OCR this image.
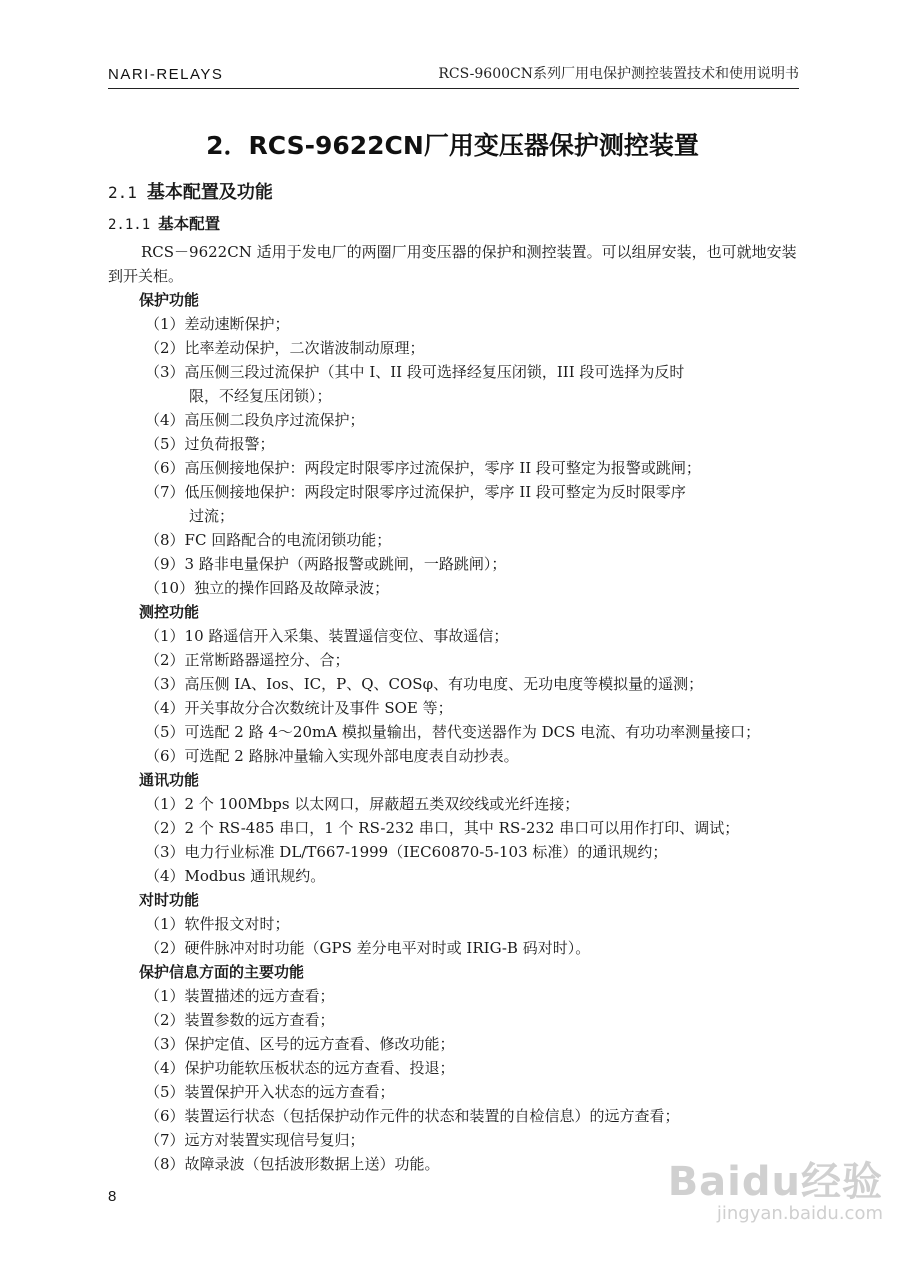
NARI-RELAYS	RCS-9600CN系列厂用电保护测控装置技术和使用说明书
2．RCS-9622CN厂用变压器保护测控装置
2.1 基本配置及功能
2.1.1 基本配置
RCS－9622CN 适用于发电厂的两圈厂用变压器的保护和测控装置。可以组屏安装，也可就地安装到开关柜。
保护功能
（1）差动速断保护；
（2）比率差动保护，二次谐波制动原理；
（3）高压侧三段过流保护（其中 I、II 段可选择经复压闭锁，III 段可选择为反时
限，不经复压闭锁）；
（4）高压侧二段负序过流保护；
（5）过负荷报警；
（6）高压侧接地保护：两段定时限零序过流保护，零序 II 段可整定为报警或跳闸；
（7）低压侧接地保护：两段定时限零序过流保护，零序 II 段可整定为反时限零序
过流；
（8）FC 回路配合的电流闭锁功能；
（9）3 路非电量保护（两路报警或跳闸，一路跳闸）；
（10）独立的操作回路及故障录波；
测控功能
（1）10 路遥信开入采集、装置遥信变位、事故遥信；
（2）正常断路器遥控分、合；
（3）高压侧 IA、Ios、IC，P、Q、COSφ、有功电度、无功电度等模拟量的遥测；
（4）开关事故分合次数统计及事件 SOE 等；
（5）可选配 2 路 4～20mA 模拟量输出，替代变送器作为 DCS 电流、有功功率测量接口；
（6）可选配 2 路脉冲量输入实现外部电度表自动抄表。
通讯功能
（1）2 个 100Mbps 以太网口，屏蔽超五类双绞线或光纤连接；
（2）2 个 RS-485 串口，1 个 RS-232 串口，其中 RS-232 串口可以用作打印、调试；
（3）电力行业标准 DL/T667-1999（IEC60870-5-103 标准）的通讯规约；
（4）Modbus 通讯规约。
对时功能
（1）软件报文对时；
（2）硬件脉冲对时功能（GPS 差分电平对时或 IRIG-B 码对时）。
保护信息方面的主要功能
（1）装置描述的远方查看；
（2）装置参数的远方查看；
（3）保护定值、区号的远方查看、修改功能；
（4）保护功能软压板状态的远方查看、投退；
（5）装置保护开入状态的远方查看；
（6）装置运行状态（包括保护动作元件的状态和装置的自检信息）的远方查看；
（7）远方对装置实现信号复归；
（8）故障录波（包括波形数据上送）功能。
8	Baidu经验
jingyan.baidu.com
